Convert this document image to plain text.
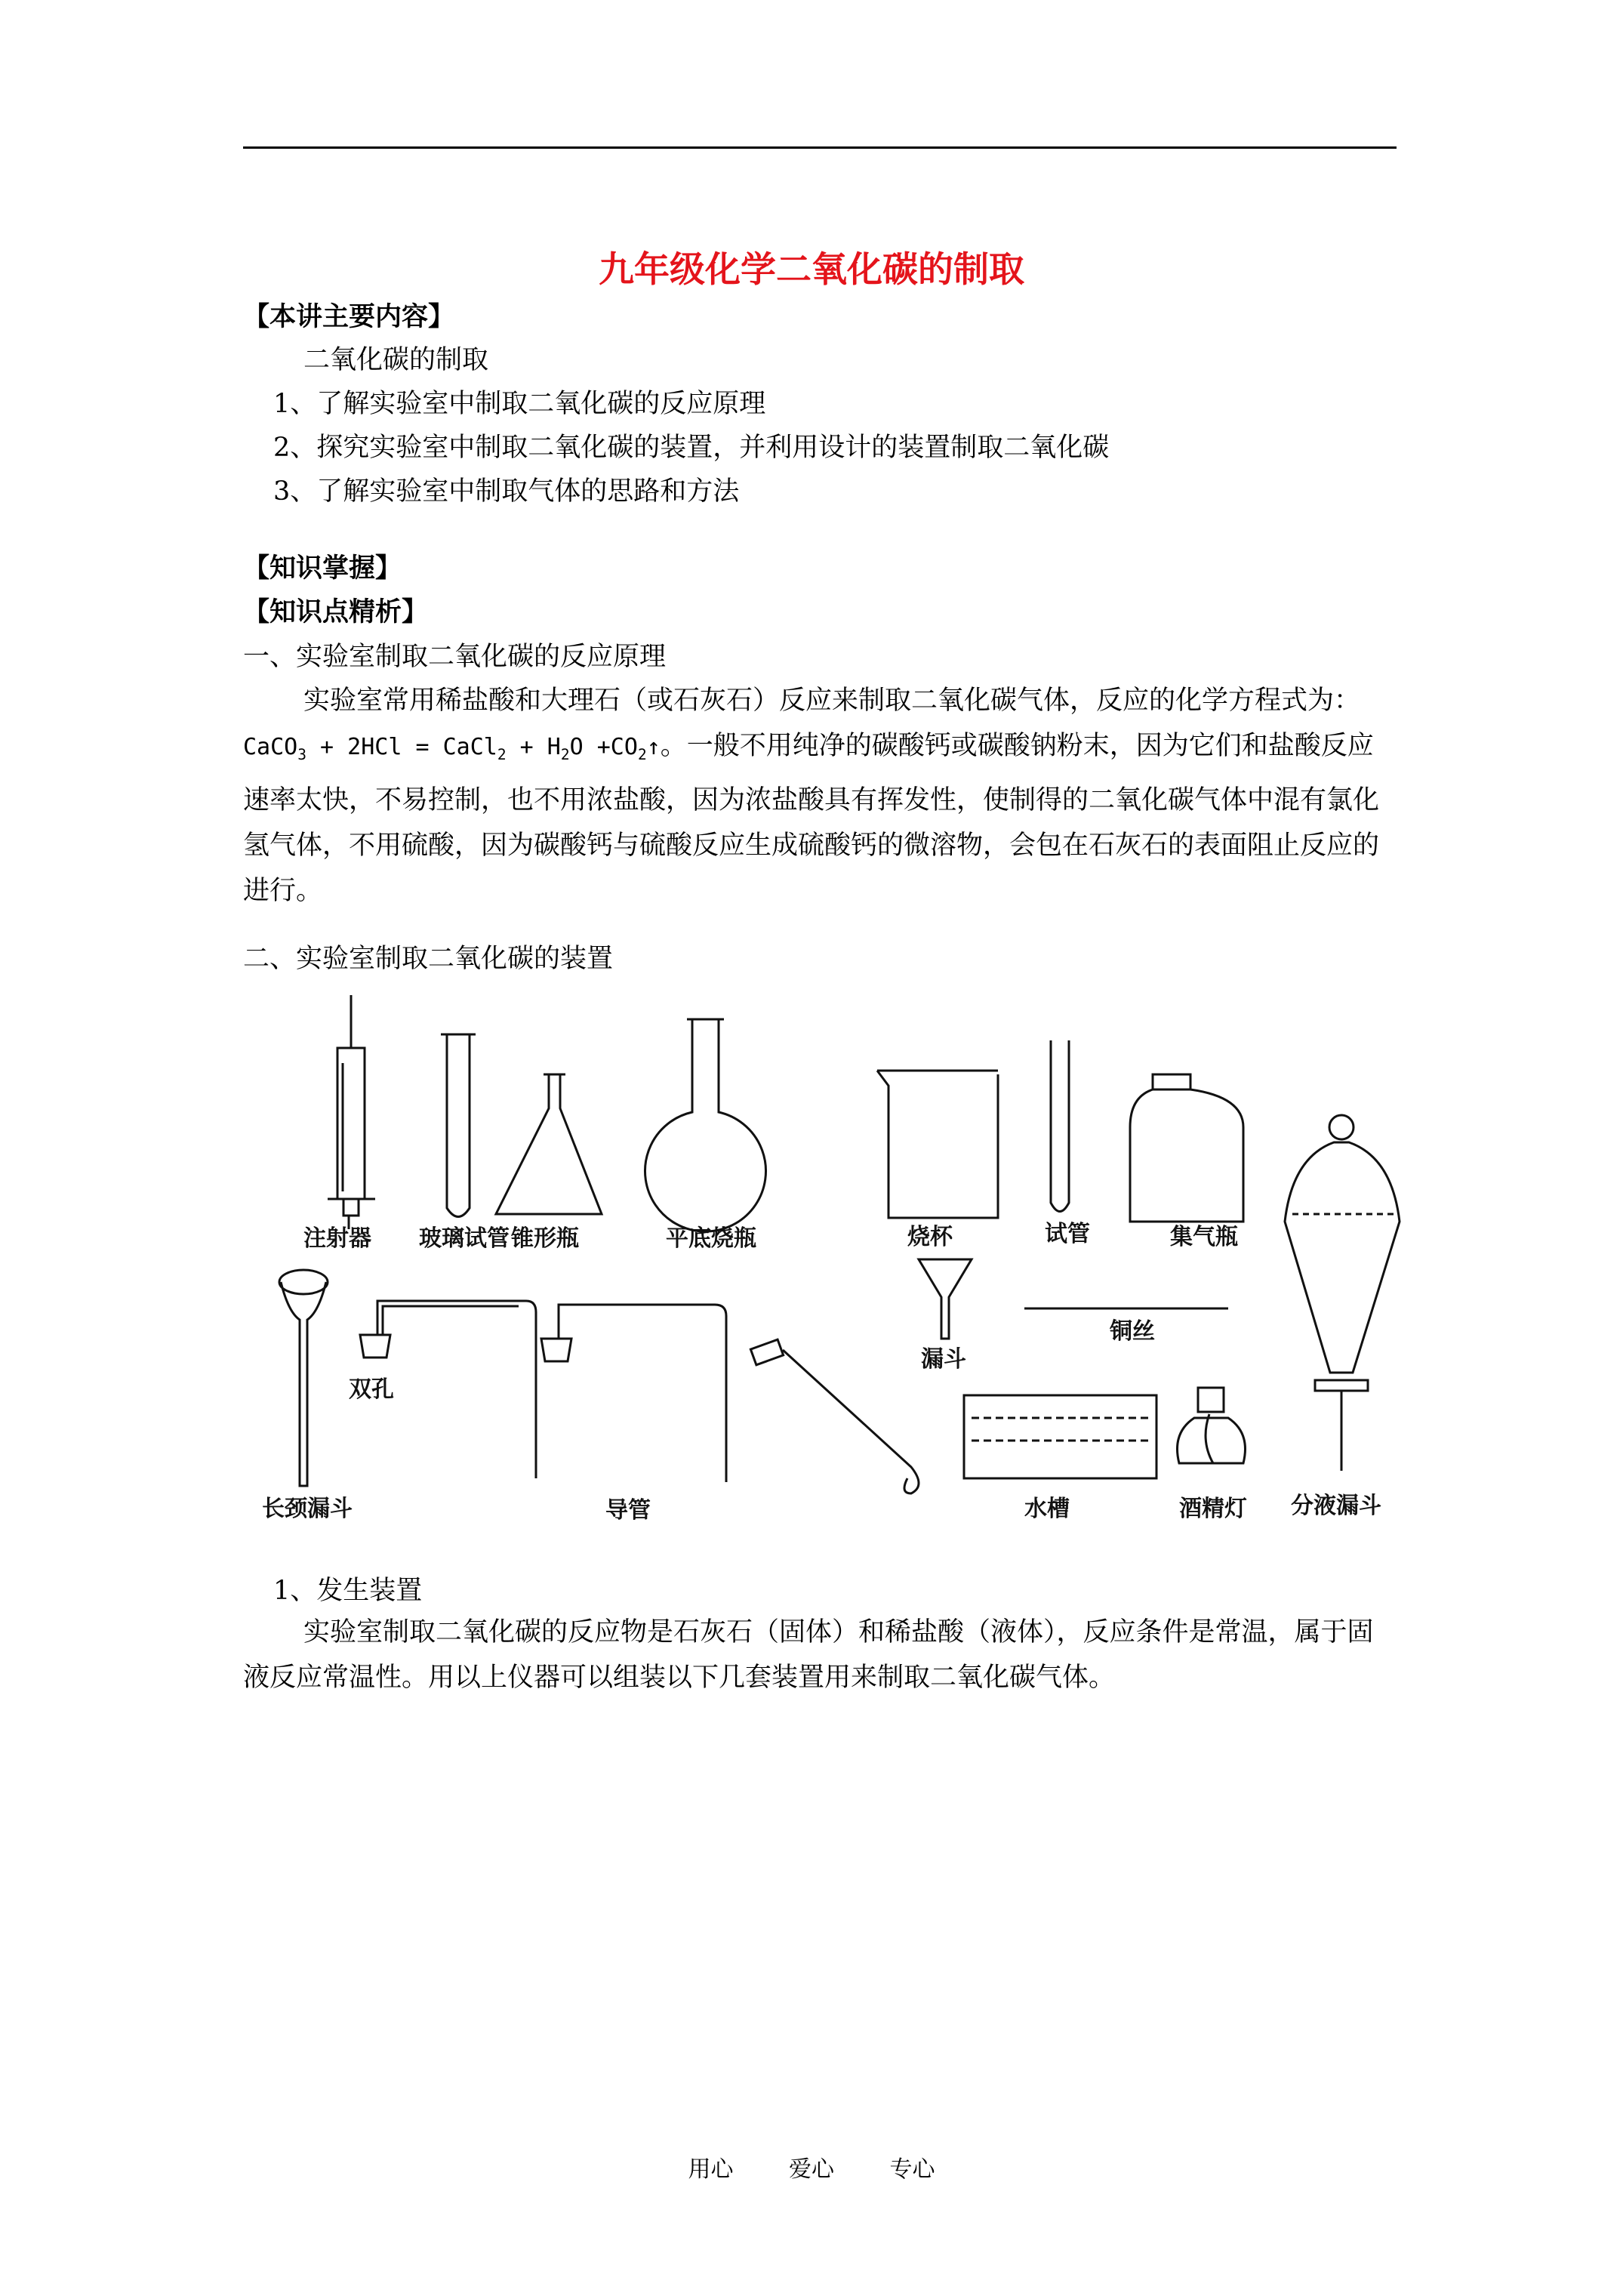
九年级化学二氧化碳的制取
【本讲主要内容】
二氧化碳的制取
1、了解实验室中制取二氧化碳的反应原理
2、探究实验室中制取二氧化碳的装置，并利用设计的装置制取二氧化碳
3、了解实验室中制取气体的思路和方法
【知识掌握】
【知识点精析】
一、实验室制取二氧化碳的反应原理
实验室常用稀盐酸和大理石（或石灰石）反应来制取二氧化碳气体，反应的化学方程式为：CaCO$_3$ + 2HCl = CaCl$_2$ + $H_2O$ $+CO_2↑$。一般不用纯净的碳酸钙或碳酸钠粉末，因为它们和盐酸反应速率太快，不易控制，也不用浓盐酸，因为浓盐酸具有挥发性，使制得的二氧化碳气体中混有氯化氢气体，不用硫酸，因为碳酸钙与硫酸反应生成硫酸钙的微溶物，会包在石灰石的表面阻止反应的进行。
二、实验室制取二氧化碳的装置
注射器 玻璃试管 锥形瓶	平底烧瓶	烧杯	试管	集气瓶
漏斗
铜丝
双孔
长颈漏斗	导管	水槽	酒精灯 分液漏斗
1、发生装置
实验室制取二氧化碳的反应物是石灰石（固体）和稀盐酸（液体），反应条件是常温，属于固液反应常温性。用以上仪器可以组装以下几套装置用来制取二氧化碳气体。
用心 爱心 专心
